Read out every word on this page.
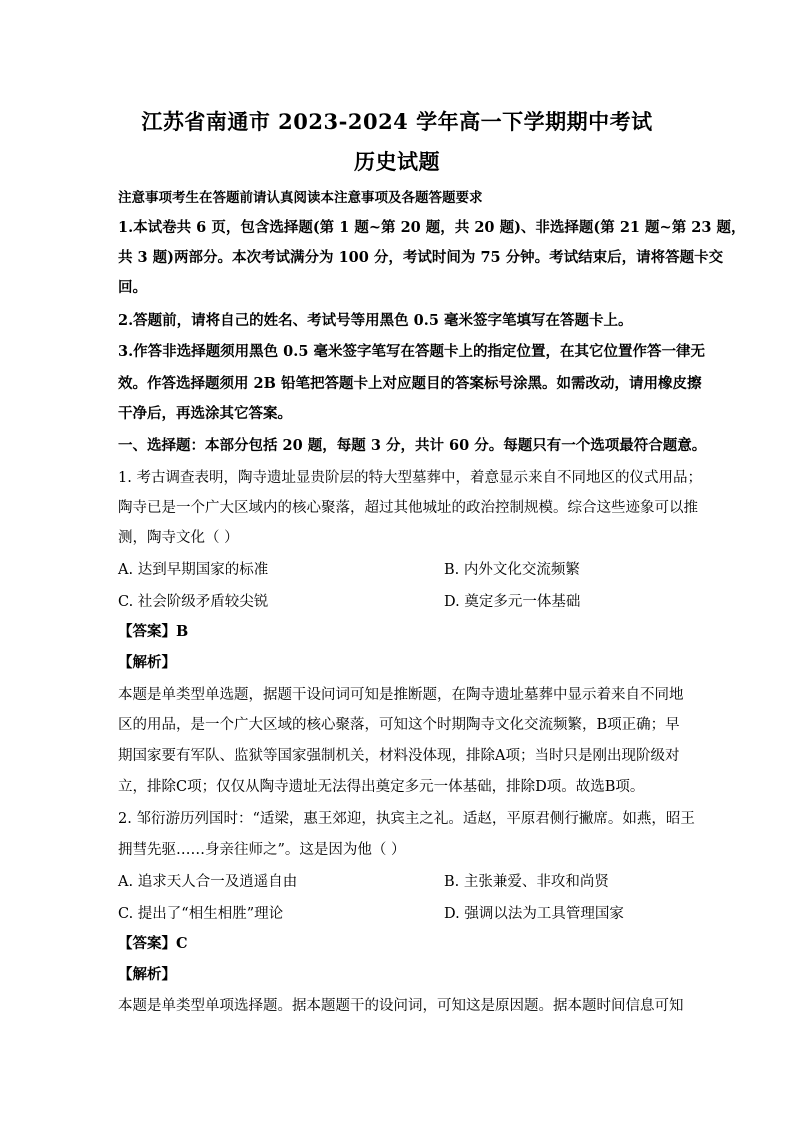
江苏省南通市 2023-2024 学年高一下学期期中考试
历史试题
注意事项考生在答题前请认真阅读本注意事项及各题答题要求
1.本试卷共 6 页，包含选择题(第 1 题~第 20 题，共 20 题)、非选择题(第 21 题~第 23 题，
共 3 题)两部分。本次考试满分为 100 分，考试时间为 75 分钟。考试结束后，请将答题卡交
回。
2.答题前，请将自己的姓名、考试号等用黑色 0.5 毫米签字笔填写在答题卡上。
3.作答非选择题须用黑色 0.5 毫米签字笔写在答题卡上的指定位置，在其它位置作答一律无
效。作答选择题须用 2B 铅笔把答题卡上对应题目的答案标号涂黑。如需改动，请用橡皮擦
干净后，再选涂其它答案。
一、选择题：本部分包括 20 题，每题 3 分，共计 60 分。每题只有一个选项最符合题意。
1. 考古调查表明，陶寺遗址显贵阶层的特大型墓葬中，着意显示来自不同地区的仪式用品；
陶寺已是一个广大区域内的核心聚落，超过其他城址的政治控制规模。综合这些迹象可以推
测，陶寺文化（ ）
A. 达到早期国家的标准	B. 内外文化交流频繁
C. 社会阶级矛盾较尖锐	D. 奠定多元一体基础
【答案】B
【解析】
本题是单类型单选题，据题干设问词可知是推断题，在陶寺遗址墓葬中显示着来自不同地
区的用品，是一个广大区域的核心聚落，可知这个时期陶寺文化交流频繁，B项正确；早
期国家要有军队、监狱等国家强制机关，材料没体现，排除A项；当时只是刚出现阶级对
立，排除C项；仅仅从陶寺遗址无法得出奠定多元一体基础，排除D项。故选B项。
2. 邹衍游历列国时：“适梁，惠王郊迎，执宾主之礼。适赵，平原君侧行撇席。如燕，昭王
拥彗先驱……身亲往师之”。这是因为他（ ）
A. 追求天人合一及逍遥自由	B. 主张兼爱、非攻和尚贤
C. 提出了“相生相胜”理论	D. 强调以法为工具管理国家
【答案】C
【解析】
本题是单类型单项选择题。据本题题干的设问词，可知这是原因题。据本题时间信息可知
